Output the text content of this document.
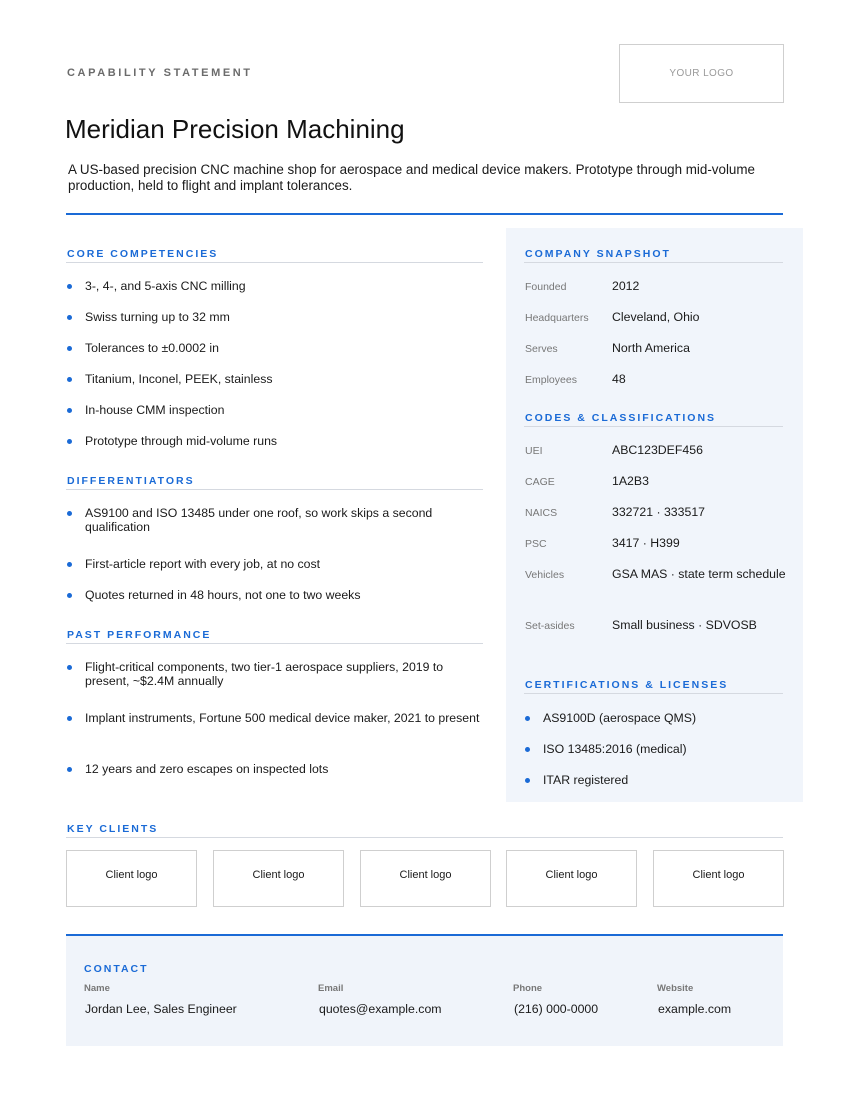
CAPABILITY STATEMENT	YOUR LOGO
Meridian Precision Machining
A US-based precision CNC machine shop for aerospace and medical device makers. Prototype through mid-volume production, held to flight and implant tolerances.
CORE COMPETENCIES
3-, 4-, and 5-axis CNC milling
Swiss turning up to 32 mm
Tolerances to ±0.0002 in
Titanium, Inconel, PEEK, stainless
In-house CMM inspection
Prototype through mid-volume runs
DIFFERENTIATORS
AS9100 and ISO 13485 under one roof, so work skips a second qualification
First-article report with every job, at no cost
Quotes returned in 48 hours, not one to two weeks
PAST PERFORMANCE
Flight-critical components, two tier-1 aerospace suppliers, 2019 to present, ~$2.4M annually
Implant instruments, Fortune 500 medical device maker, 2021 to present
12 years and zero escapes on inspected lots
COMPANY SNAPSHOT
Founded	2012
Headquarters Cleveland, Ohio
Serves	North America
Employees	48
CODES & CLASSIFICATIONS
UEI	ABC123DEF456
CAGE	1A2B3
NAICS	332721 · 333517
PSC	3417 · H399
Vehicles	GSA MAS · state term schedule
Set-asides	Small business · SDVOSB
CERTIFICATIONS & LICENSES
AS9100D (aerospace QMS)
ISO 13485:2016 (medical)
ITAR registered
KEY CLIENTS
Client logo	Client logo	Client logo	Client logo	Client logo
CONTACT
Name
Jordan Lee, Sales Engineer
Email
quotes@example.com
Phone
(216) 000-0000
Website
example.com
